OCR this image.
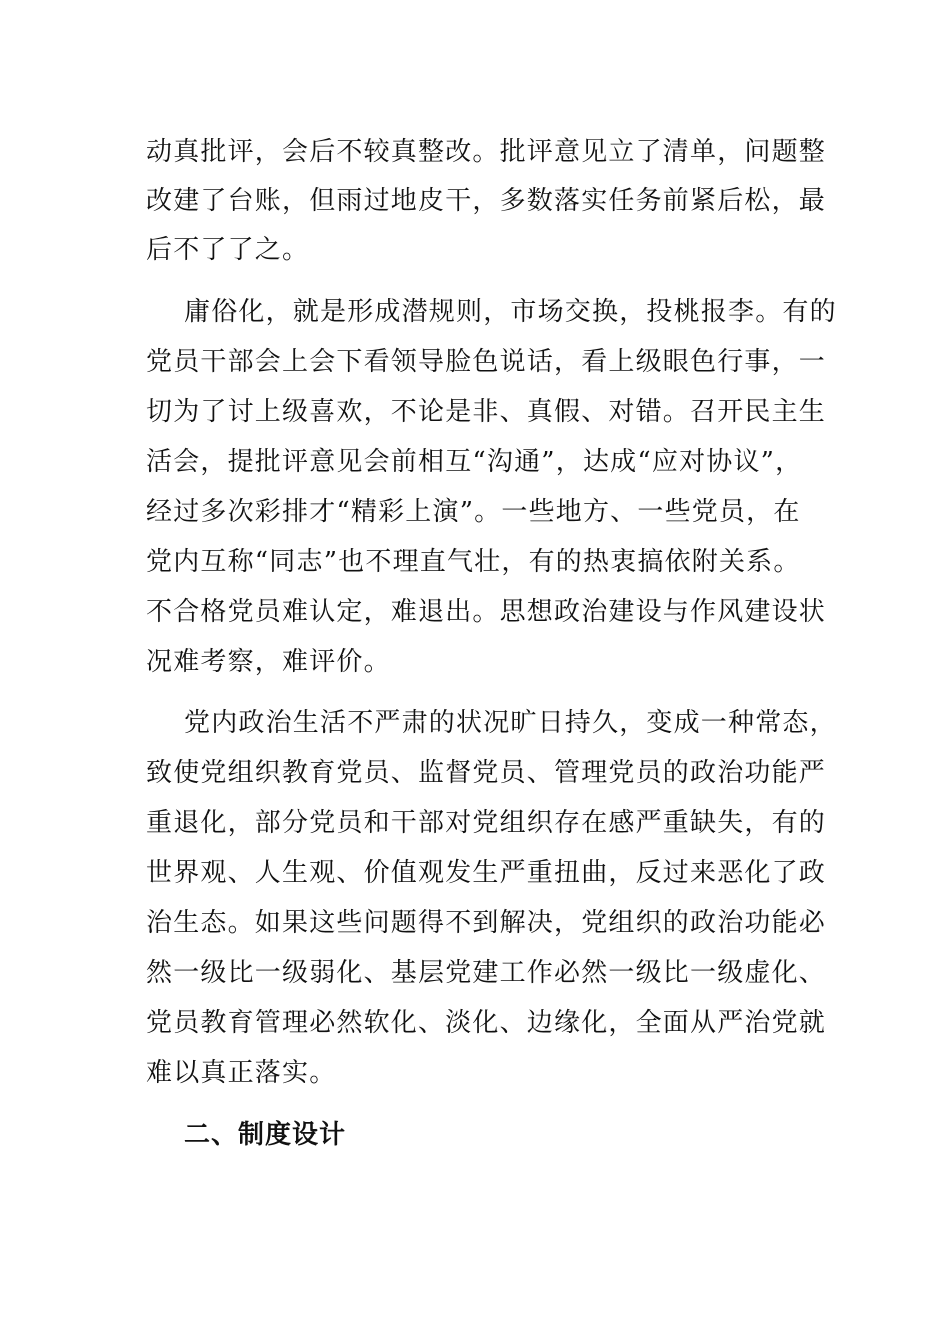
动真批评，会后不较真整改。批评意见立了清单，问题整
改建了台账，但雨过地皮干，多数落实任务前紧后松，最
后不了了之。
庸俗化，就是形成潜规则，市场交换，投桃报李。有的
党员干部会上会下看领导脸色说话，看上级眼色行事，一
切为了讨上级喜欢，不论是非、真假、对错。召开民主生
活会，提批评意见会前相互“沟通”，达成“应对协议”，
经过多次彩排才“精彩上演”。一些地方、一些党员，在
党内互称“同志”也不理直气壮，有的热衷搞依附关系。
不合格党员难认定，难退出。思想政治建设与作风建设状
况难考察，难评价。
党内政治生活不严肃的状况旷日持久，变成一种常态，
致使党组织教育党员、监督党员、管理党员的政治功能严
重退化，部分党员和干部对党组织存在感严重缺失，有的
世界观、人生观、价值观发生严重扭曲，反过来恶化了政
治生态。如果这些问题得不到解决，党组织的政治功能必
然一级比一级弱化、基层党建工作必然一级比一级虚化、
党员教育管理必然软化、淡化、边缘化，全面从严治党就
难以真正落实。
二、制度设计
